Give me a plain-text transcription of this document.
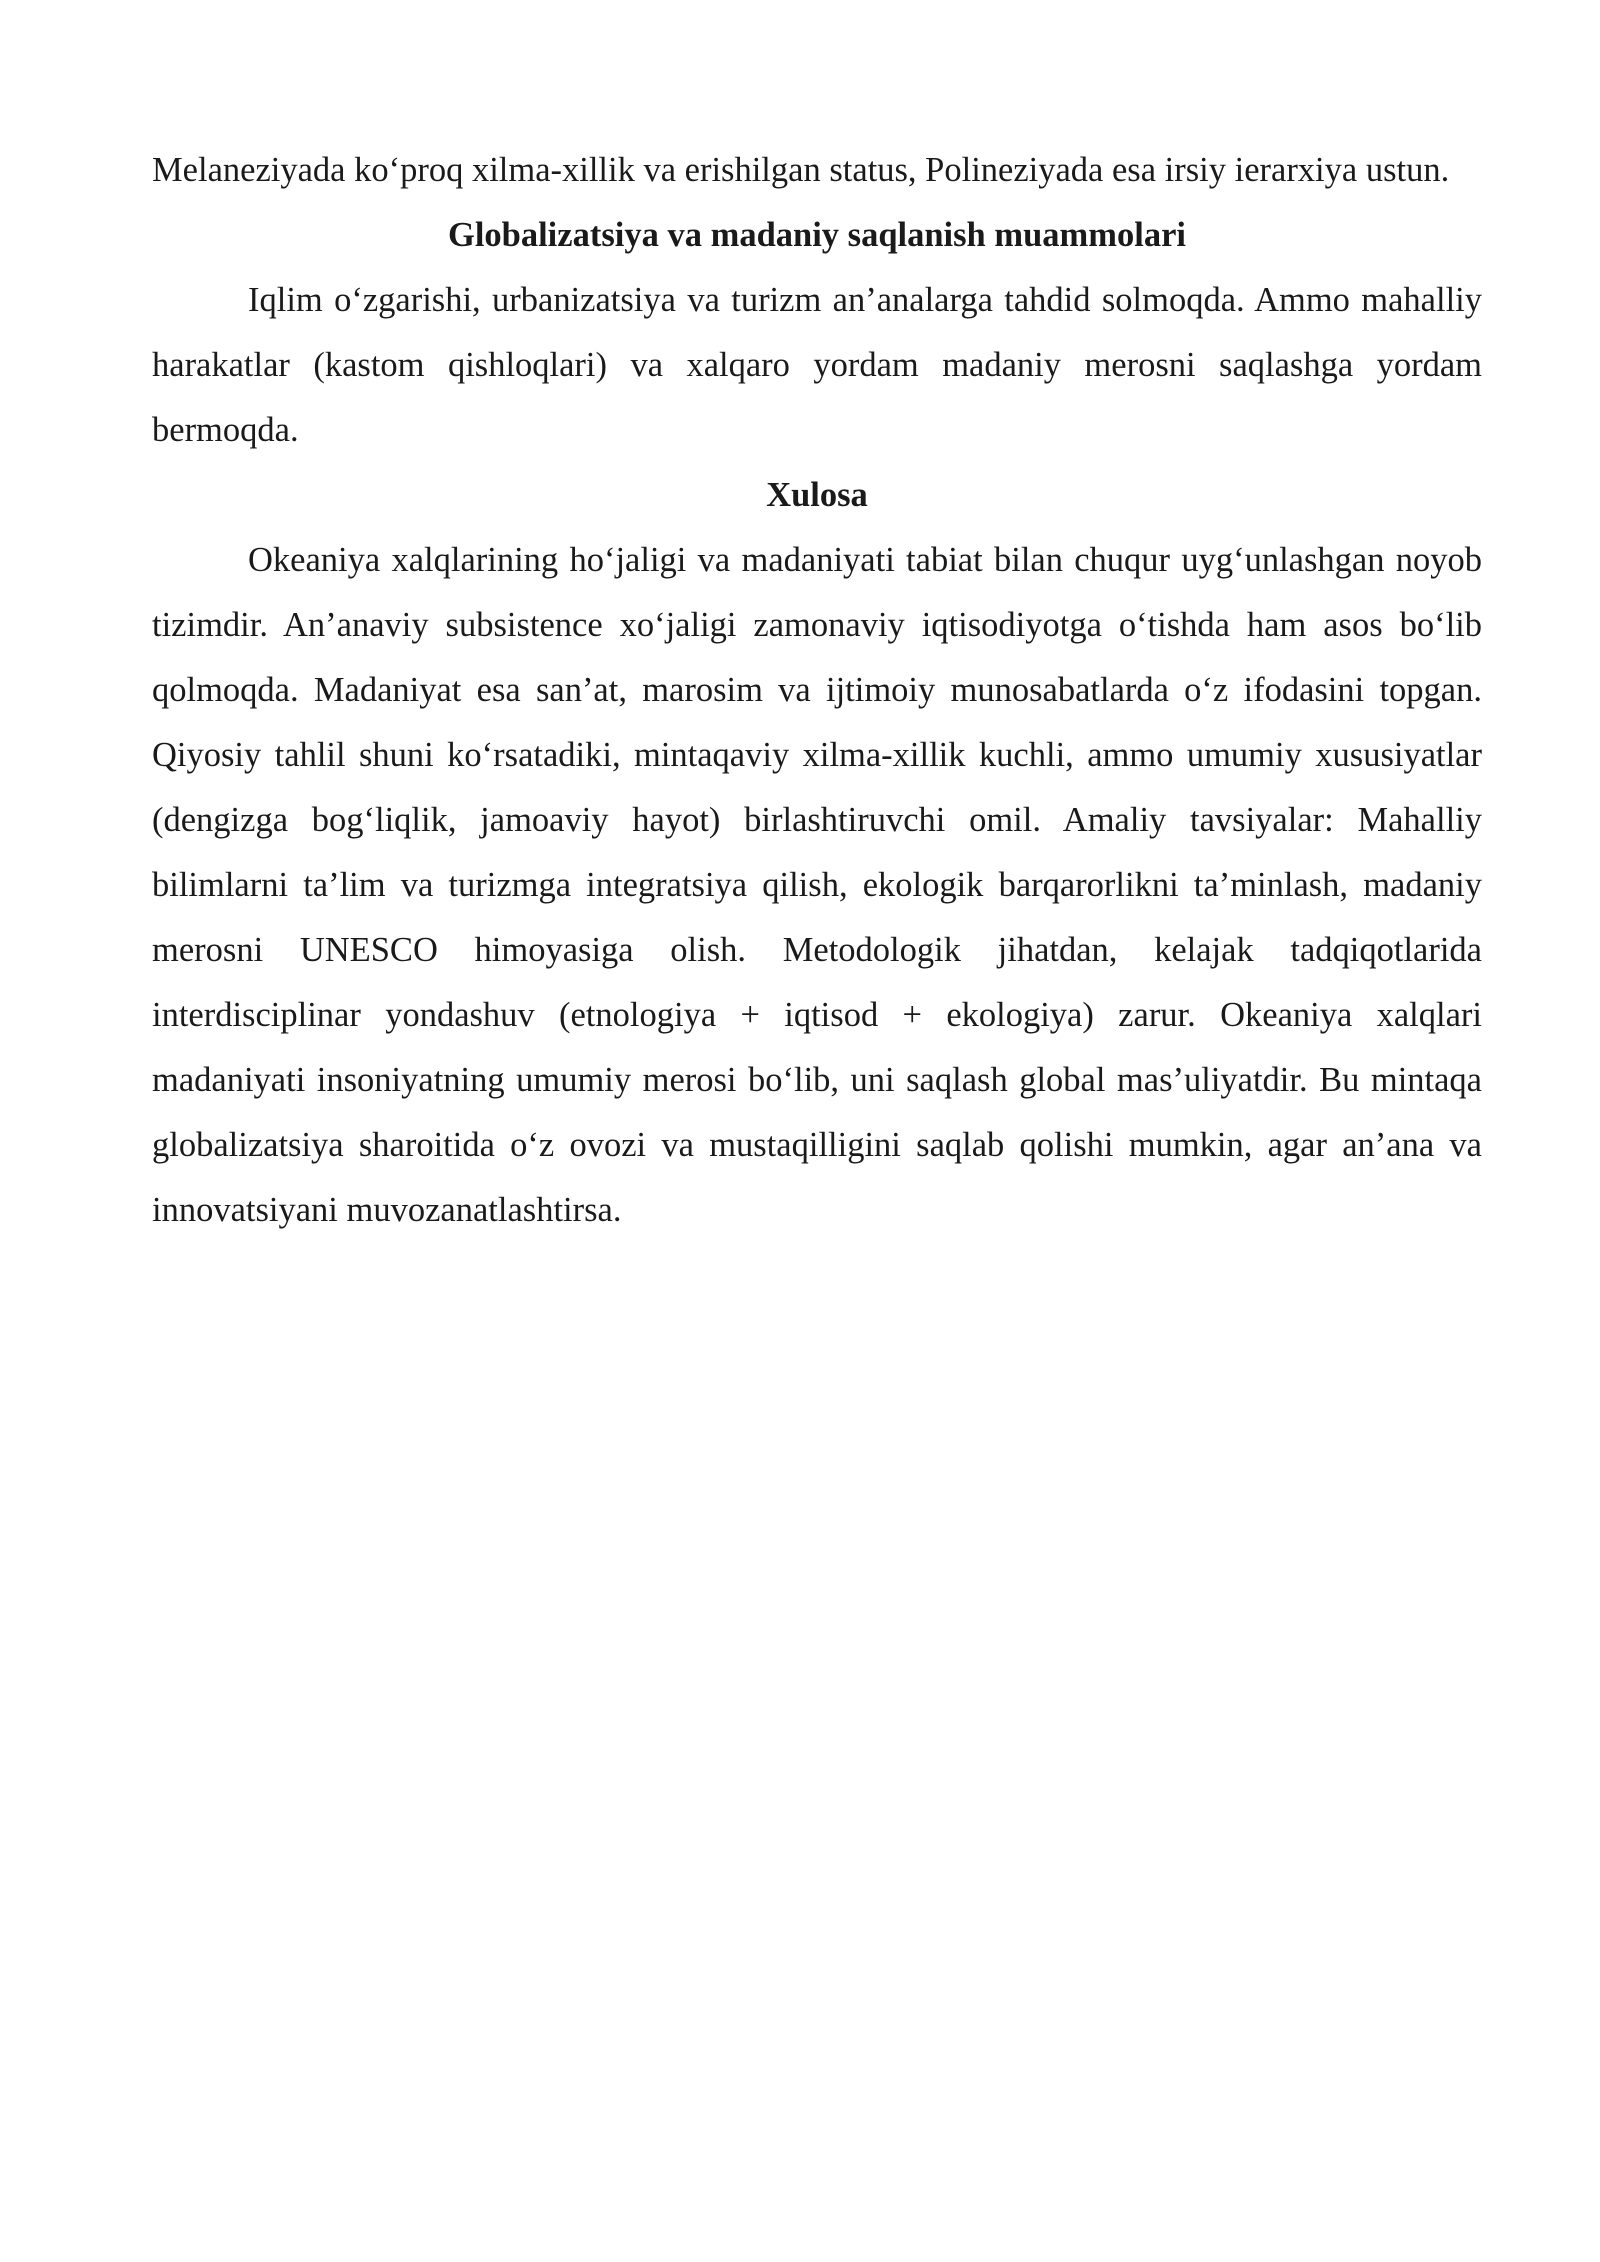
Melaneziyada ko‘proq xilma-xillik va erishilgan status, Polineziyada esa irsiy ierarxiya ustun.

Globalizatsiya va madaniy saqlanish muammolari

Iqlim o‘zgarishi, urbanizatsiya va turizm an’analarga tahdid solmoqda. Ammo mahalliy harakatlar (kastom qishloqlari) va xalqaro yordam madaniy merosni saqlashga yordam bermoqda.

Xulosa

Okeaniya xalqlarining ho‘jaligi va madaniyati tabiat bilan chuqur uyg‘unlashgan noyob tizimdir. An’anaviy subsistence xo‘jaligi zamonaviy iqtisodiyotga o‘tishda ham asos bo‘lib qolmoqda. Madaniyat esa san’at, marosim va ijtimoiy munosabatlarda o‘z ifodasini topgan. Qiyosiy tahlil shuni ko‘rsatadiki, mintaqaviy xilma-xillik kuchli, ammo umumiy xususiyatlar (dengizga bog‘liqlik, jamoaviy hayot) birlashtiruvchi omil. Amaliy tavsiyalar: Mahalliy bilimlarni ta’lim va turizmga integratsiya qilish, ekologik barqarorlikni ta’minlash, madaniy merosni UNESCO himoyasiga olish. Metodologik jihatdan, kelajak tadqiqotlarida interdisciplinar yondashuv (etnologiya + iqtisod + ekologiya) zarur. Okeaniya xalqlari madaniyati insoniyatning umumiy merosi bo‘lib, uni saqlash global mas’uliyatdir. Bu mintaqa globalizatsiya sharoitida o‘z ovozi va mustaqilligini saqlab qolishi mumkin, agar an’ana va innovatsiyani muvozanatlashtirsa.
